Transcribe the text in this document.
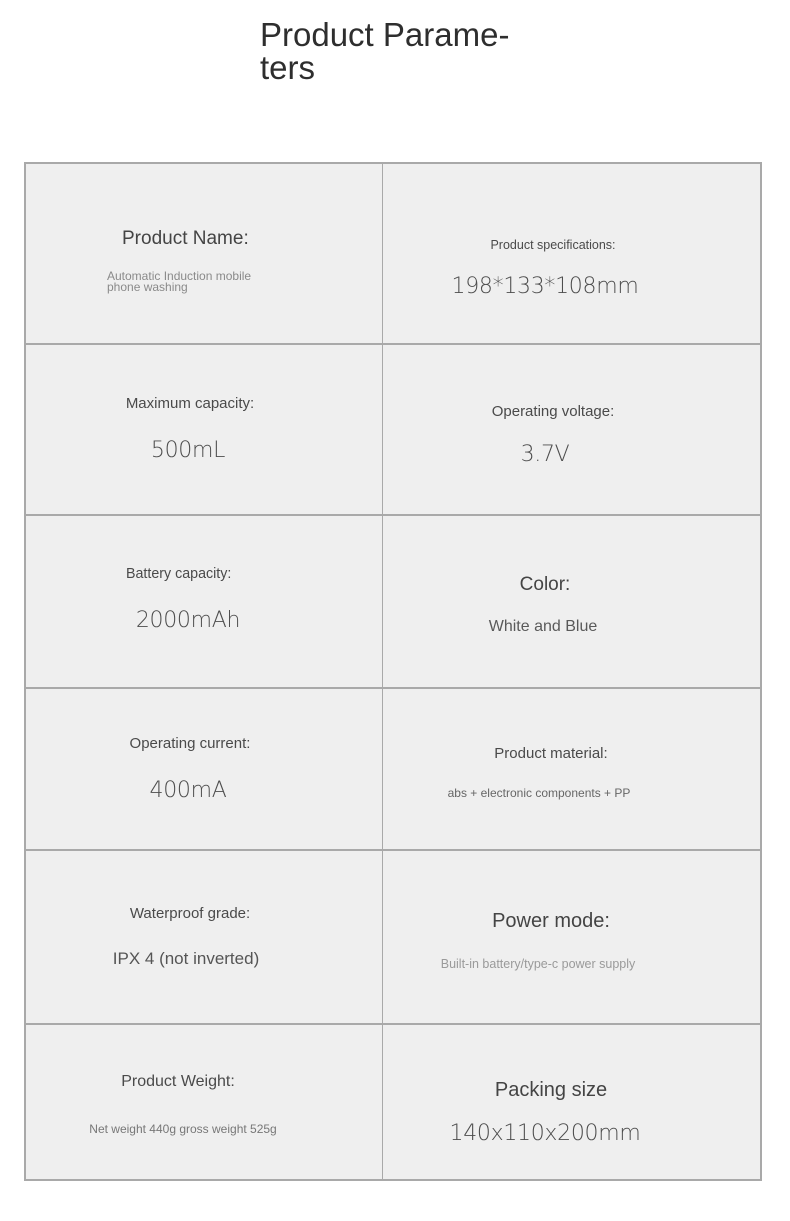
Product Parame-
ters
Product Name:
Automatic Induction mobile phone washing
Product specifications:
198*133*108mm
Maximum capacity:
500mL
Operating voltage:
3.7V
Battery capacity:
2000mAh
Color:
White and Blue
Operating current:
400mA
Product material:
abs + electronic components + PP
Waterproof grade:
IPX 4 (not inverted)
Power mode:
Built-in battery/type-c power supply
Product Weight:
Net weight 440g gross weight 525g
Packing size
140x110x200mm
